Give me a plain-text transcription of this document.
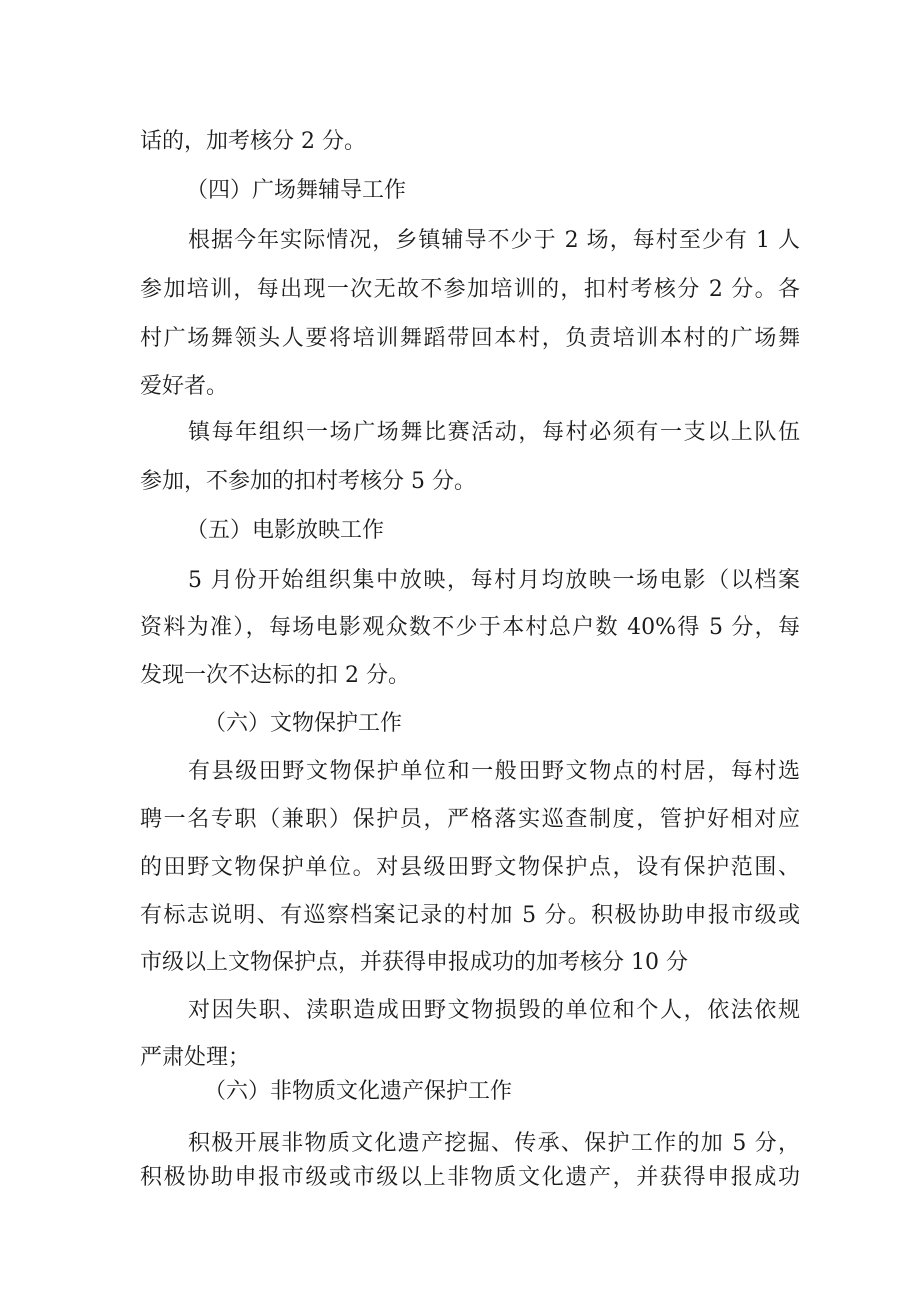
话的，加考核分 2 分。
（四）广场舞辅导工作
根据今年实际情况，乡镇辅导不少于 2 场，每村至少有 1 人
参加培训，每出现一次无故不参加培训的，扣村考核分 2 分。各
村广场舞领头人要将培训舞蹈带回本村，负责培训本村的广场舞
爱好者。
镇每年组织一场广场舞比赛活动，每村必须有一支以上队伍
参加，不参加的扣村考核分 5 分。
（五）电影放映工作
5 月份开始组织集中放映，每村月均放映一场电影（以档案
资料为准），每场电影观众数不少于本村总户数 40%得 5 分，每
发现一次不达标的扣 2 分。
（六）文物保护工作
有县级田野文物保护单位和一般田野文物点的村居，每村选
聘一名专职（兼职）保护员，严格落实巡查制度，管护好相对应
的田野文物保护单位。对县级田野文物保护点，设有保护范围、
有标志说明、有巡察档案记录的村加 5 分。积极协助申报市级或
市级以上文物保护点，并获得申报成功的加考核分 10 分
对因失职、渎职造成田野文物损毁的单位和个人，依法依规
严肃处理；
（六）非物质文化遗产保护工作
积极开展非物质文化遗产挖掘、传承、保护工作的加 5 分，
积极协助申报市级或市级以上非物质文化遗产，并获得申报成功
